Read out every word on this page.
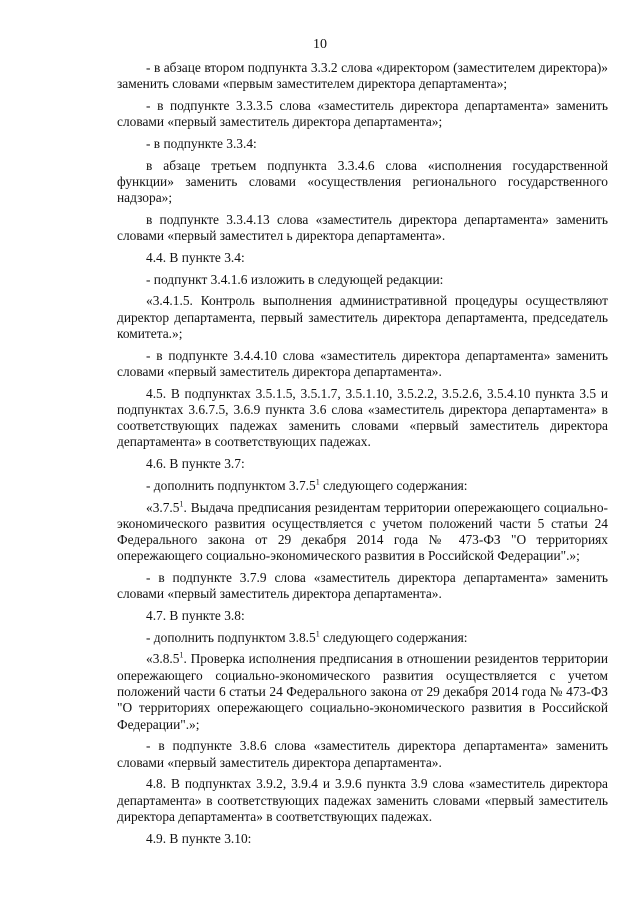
10
- в абзаце втором подпункта 3.3.2 слова «директором (заместителем директора)» заменить словами «первым заместителем директора департамента»;
- в подпункте 3.3.3.5 слова «заместитель директора департамента» заменить словами «первый заместитель директора департамента»;
- в подпункте 3.3.4:
в абзаце третьем подпункта 3.3.4.6 слова «исполнения государственной функции» заменить словами «осуществления регионального государственного надзора»;
в подпункте 3.3.4.13 слова «заместитель директора департамента» заменить словами «первый заместител ь директора департамента».
4.4. В пункте 3.4:
- подпункт 3.4.1.6 изложить в следующей редакции:
«3.4.1.5. Контроль выполнения административной процедуры осуществляют директор департамента, первый заместитель директора департамента, председатель комитета.»;
- в подпункте 3.4.4.10 слова «заместитель директора департамента» заменить словами «первый заместитель директора департамента».
4.5. В подпунктах 3.5.1.5, 3.5.1.7, 3.5.1.10, 3.5.2.2, 3.5.2.6, 3.5.4.10 пункта 3.5 и подпунктах 3.6.7.5, 3.6.9 пункта 3.6 слова «заместитель директора департамента» в соответствующих падежах заменить словами «первый заместитель директора департамента» в соответствующих падежах.
4.6. В пункте 3.7:
- дополнить подпунктом 3.7.5$^1$ следующего содержания:
«3.7.5$^1$. Выдача предписания резидентам территории опережающего социально-экономического развития осуществляется с учетом положений части 5 статьи 24 Федерального закона от 29 декабря 2014 года № 473-ФЗ "О территориях опережающего социально-экономического развития в Российской Федерации".»;
- в подпункте 3.7.9 слова «заместитель директора департамента» заменить словами «первый заместитель директора департамента».
4.7. В пункте 3.8:
- дополнить подпунктом 3.8.5$^1$ следующего содержания:
«3.8.5$^1$. Проверка исполнения предписания в отношении резидентов территории опережающего социально-экономического развития осуществляется с учетом положений части 6 статьи 24 Федерального закона от 29 декабря 2014 года № 473-ФЗ "О территориях опережающего социально-экономического развития в Российской Федерации".»;
- в подпункте 3.8.6 слова «заместитель директора департамента» заменить словами «первый заместитель директора департамента».
4.8. В подпунктах 3.9.2, 3.9.4 и 3.9.6 пункта 3.9 слова «заместитель директора департамента» в соответствующих падежах заменить словами «первый заместитель директора департамента» в соответствующих падежах.
4.9. В пункте 3.10:
